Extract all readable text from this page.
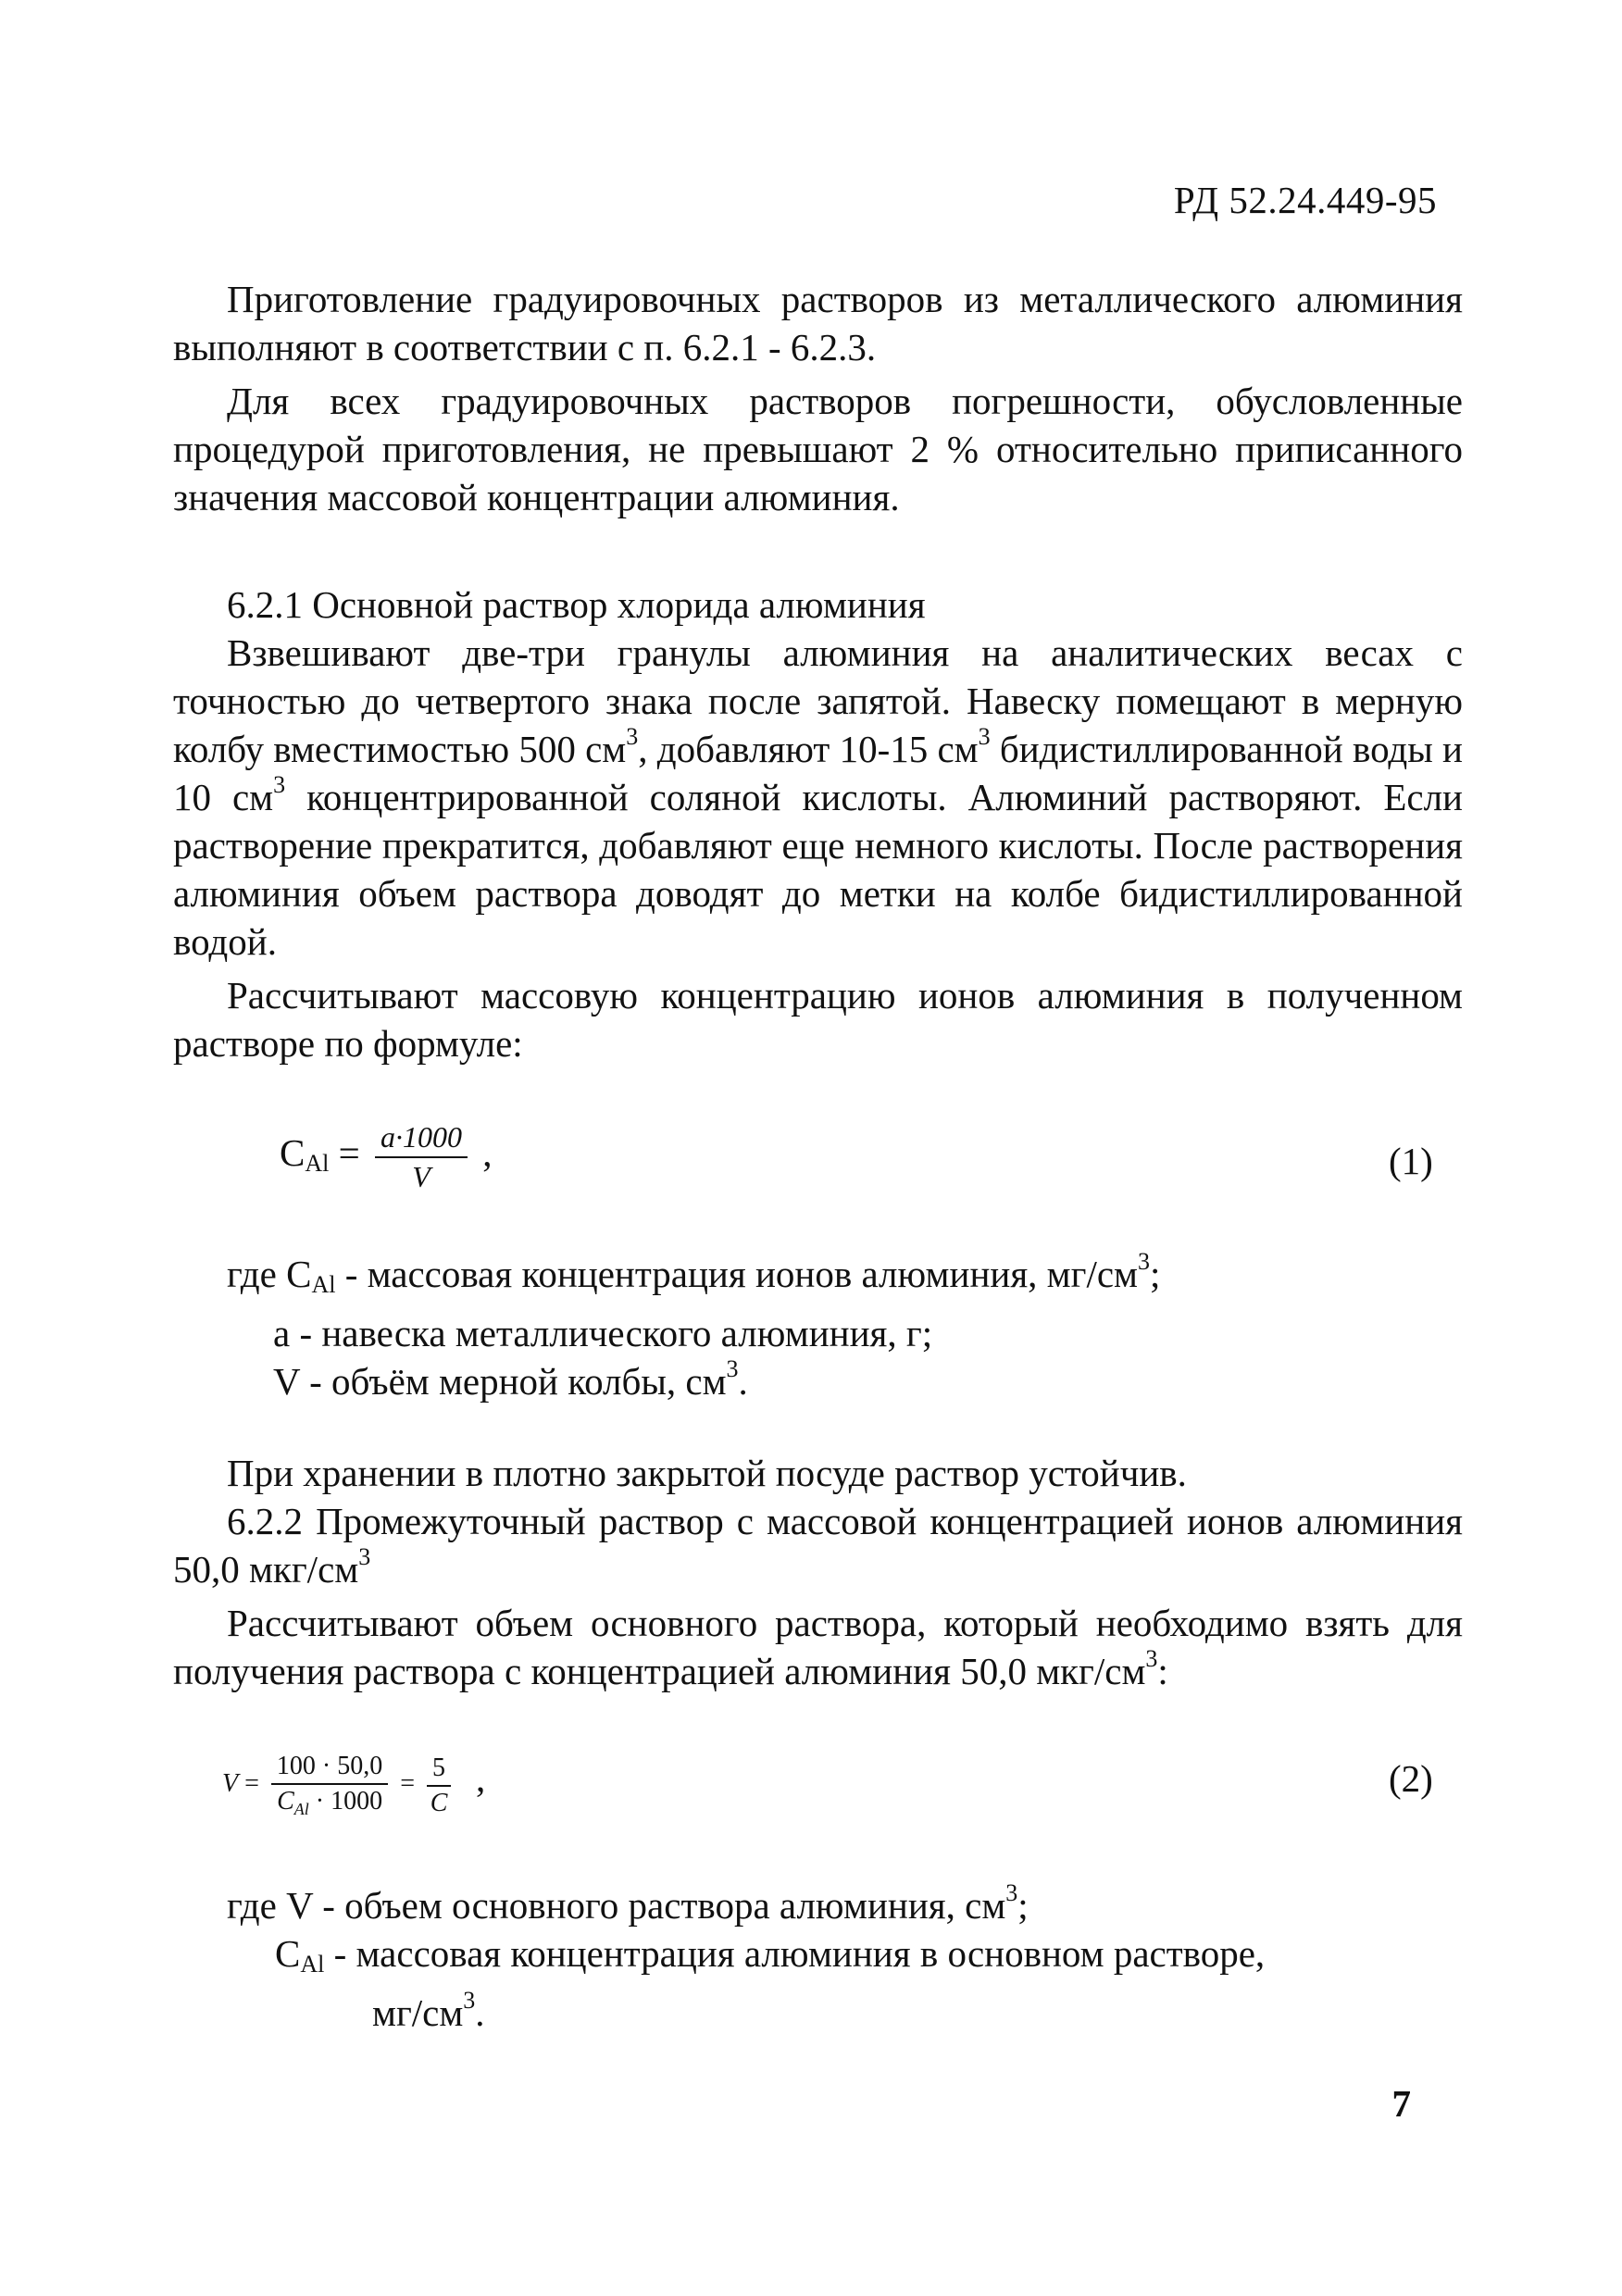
РД 52.24.449-95

Приготовление градуировочных растворов из металлического алюминия выполняют в соответствии с п. 6.2.1 - 6.2.3.

Для всех градуировочных растворов погрешности, обусловленные процедурой приготовления, не превышают 2 % относительно приписанного значения массовой концентрации алюминия.

6.2.1 Основной раствор хлорида алюминия

Взвешивают две-три гранулы алюминия на аналитических весах с точностью до четвертого знака после запятой. Навеску помещают в мерную колбу вместимостью 500 $см^3$, добавляют 10-15 $см^3$ бидистиллированной воды и 10 $см^3$ концентрированной соляной кислоты. Алюминий растворяют. Если растворение прекратится, добавляют еще немного кислоты. После растворения алюминия объем раствора доводят до метки на колбе бидистиллированной водой.

Рассчитывают массовую концентрацию ионов алюминия в полученном растворе по формуле:

$C_{Al} = \frac{a\cdot 1000}{V}$ ,	(1)
где $C_{Al}$ - массовая концентрация ионов алюминия, $мг/см^3$;
а - навеска металлического алюминия, г;
V - объём мерной колбы, $см^3$.

При хранении в плотно закрытой посуде раствор устойчив.

6.2.2 Промежуточный раствор с массовой концентрацией ионов алюминия 50,0 мкг/$см^3$

Рассчитывают объем основного раствора, который необходимо взять для получения раствора с концентрацией алюминия 50,0 мкг/$см^3$:

$V = \frac{100 \cdot 50,0}{C_{Al} \cdot 1000} = \frac{5}{C}$ ,	(2)
где V - объем основного раствора алюминия, $см^3$;
$C_{Al}$ - массовая концентрация алюминия в основном растворе,
$мг/см^3$.
7
